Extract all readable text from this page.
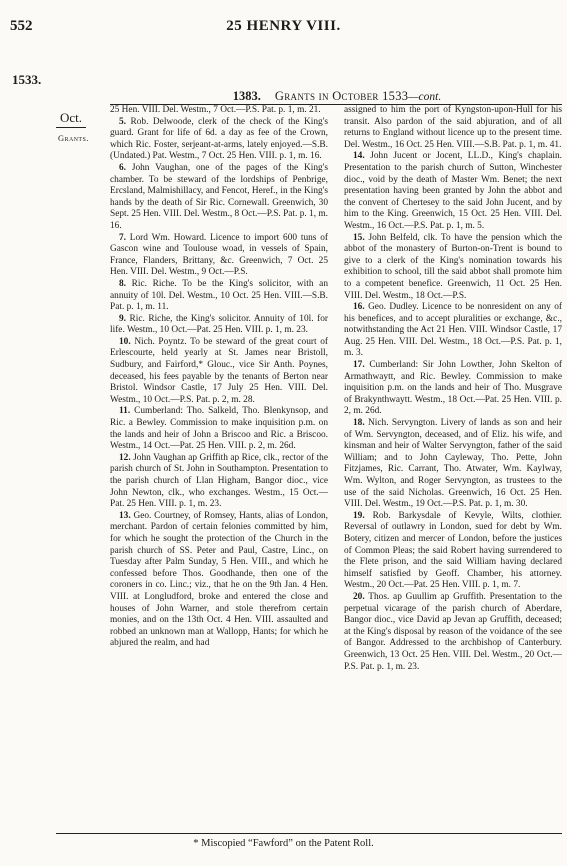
552	25 HENRY VIII.
1533.
Oct.
Grants.
1383. Grants in October 1533—cont.

25 Hen. VIII. Del. Westm., 7 Oct.—P.S. Pat. p. 1, m. 21.

5. Rob. Delwoode, clerk of the check of the King's guard. Grant for life of 6d. a day as fee of the Crown, which Ric. Foster, serjeant-at-arms, lately enjoyed.—S.B. (Undated.) Pat. Westm., 7 Oct. 25 Hen. VIII. p. 1, m. 16.

6. John Vaughan, one of the pages of the King's chamber. To be steward of the lordships of Penbrige, Ercsland, Malmishillacy, and Fencot, Heref., in the King's hands by the death of Sir Ric. Cornewall. Greenwich, 30 Sept. 25 Hen. VIII. Del. Westm., 8 Oct.—P.S. Pat. p. 1, m. 16.

7. Lord Wm. Howard. Licence to import 600 tuns of Gascon wine and Toulouse woad, in vessels of Spain, France, Flanders, Brittany, &c. Greenwich, 7 Oct. 25 Hen. VIII. Del. Westm., 9 Oct.—P.S.

8. Ric. Riche. To be the King's solicitor, with an annuity of 10l. Del. Westm., 10 Oct. 25 Hen. VIII.—S.B. Pat. p. 1, m. 11.

9. Ric. Riche, the King's solicitor. Annuity of 10l. for life. Westm., 10 Oct.—Pat. 25 Hen. VIII. p. 1, m. 23.

10. Nich. Poyntz. To be steward of the great court of Erlescourte, held yearly at St. James near Bristoll, Sudbury, and Fairford,* Glouc., vice Sir Anth. Poynes, deceased, his fees payable by the tenants of Berton near Bristol. Windsor Castle, 17 July 25 Hen. VIII. Del. Westm., 10 Oct.—P.S. Pat. p. 2, m. 28.

11. Cumberland: Tho. Salkeld, Tho. Blenkynsop, and Ric. a Bewley. Commission to make inquisition p.m. on the lands and heir of John a Briscoo and Ric. a Briscoo. Westm., 14 Oct.—Pat. 25 Hen. VIII. p. 2, m. 26d.

12. John Vaughan ap Griffith ap Rice, clk., rector of the parish church of St. John in Southampton. Presentation to the parish church of Llan Higham, Bangor dioc., vice John Newton, clk., who exchanges. Westm., 15 Oct.—Pat. 25 Hen. VIII. p. 1, m. 23.

13. Geo. Courtney, of Romsey, Hants, alias of London, merchant. Pardon of certain felonies committed by him, for which he sought the protection of the Church in the parish church of SS. Peter and Paul, Castre, Linc., on Tuesday after Palm Sunday, 5 Hen. VIII., and which he confessed before Thos. Goodhande, then one of the coroners in co. Linc.; viz., that he on the 9th Jan. 4 Hen. VIII. at Longludford, broke and entered the close and houses of John Warner, and stole therefrom certain monies, and on the 13th Oct. 4 Hen. VIII. assaulted and robbed an unknown man at Wallopp, Hants; for which he abjured the realm, and had

assigned to him the port of Kyngston-upon-Hull for his transit. Also pardon of the said abjuration, and of all returns to England without licence up to the present time. Del. Westm., 16 Oct. 25 Hen. VIII.—S.B. Pat. p. 1, m. 41.

14. John Jucent or Jocent, LL.D., King's chaplain. Presentation to the parish church of Sutton, Winchester dioc., void by the death of Master Wm. Benet; the next presentation having been granted by John the abbot and the convent of Chertesey to the said John Jucent, and by him to the King. Greenwich, 15 Oct. 25 Hen. VIII. Del. Westm., 16 Oct.—P.S. Pat. p. 1, m. 5.

15. John Belfeld, clk. To have the pension which the abbot of the monastery of Burton-on-Trent is bound to give to a clerk of the King's nomination towards his exhibition to school, till the said abbot shall promote him to a competent benefice. Greenwich, 11 Oct. 25 Hen. VIII. Del. Westm., 18 Oct.—P.S.

16. Geo. Dudley. Licence to be nonresident on any of his benefices, and to accept pluralities or exchange, &c., notwithstanding the Act 21 Hen. VIII. Windsor Castle, 17 Aug. 25 Hen. VIII. Del. Westm., 18 Oct.—P.S. Pat. p. 1, m. 3.

17. Cumberland: Sir John Lowther, John Skelton of Armathwaytt, and Ric. Bewley. Commission to make inquisition p.m. on the lands and heir of Tho. Musgrave of Brakynthwaytt. Westm., 18 Oct.—Pat. 25 Hen. VIII. p. 2, m. 26d.

18. Nich. Servyngton. Livery of lands as son and heir of Wm. Servyngton, deceased, and of Eliz. his wife, and kinsman and heir of Walter Servyngton, father of the said William; and to John Cayleway, Tho. Pette, John Fitzjames, Ric. Carrant, Tho. Atwater, Wm. Kaylway, Wm. Wylton, and Roger Servyngton, as trustees to the use of the said Nicholas. Greenwich, 16 Oct. 25 Hen. VIII. Del. Westm., 19 Oct.—P.S. Pat. p. 1, m. 30.

19. Rob. Barkysdale of Kevyle, Wilts, clothier. Reversal of outlawry in London, sued for debt by Wm. Botery, citizen and mercer of London, before the justices of Common Pleas; the said Robert having surrendered to the Flete prison, and the said William having declared himself satisfied by Geoff. Chamber, his attorney. Westm., 20 Oct.—Pat. 25 Hen. VIII. p. 1, m. 7.

20. Thos. ap Guullim ap Gruffith. Presentation to the perpetual vicarage of the parish church of Aberdare, Bangor dioc., vice David ap Jevan ap Gruffith, deceased; at the King's disposal by reason of the voidance of the see of Bangor. Addressed to the archbishop of Canterbury. Greenwich, 13 Oct. 25 Hen. VIII. Del. Westm., 20 Oct.—P.S. Pat. p. 1, m. 23.

* Miscopied “Fawford” on the Patent Roll.
